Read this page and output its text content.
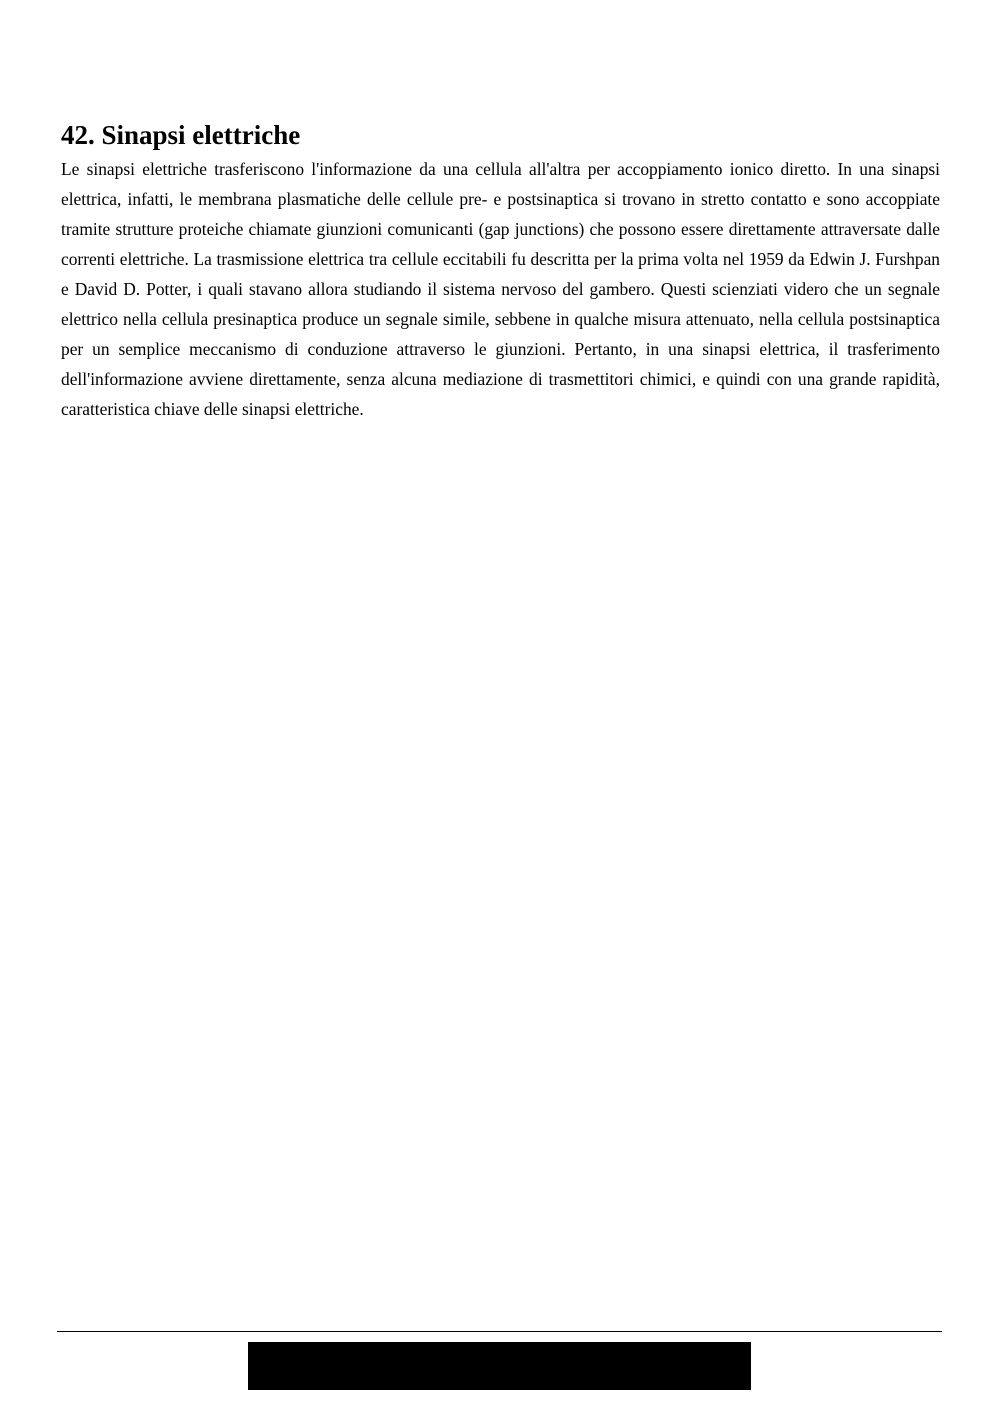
42. Sinapsi elettriche

Le sinapsi elettriche trasferiscono l'informazione da una cellula all'altra per accoppiamento ionico diretto. In una sinapsi elettrica, infatti, le membrana plasmatiche delle cellule pre- e postsinaptica si trovano in stretto contatto e sono accoppiate tramite strutture proteiche chiamate giunzioni comunicanti (gap junctions) che possono essere direttamente attraversate dalle correnti elettriche. La trasmissione elettrica tra cellule eccitabili fu descritta per la prima volta nel 1959 da Edwin J. Furshpan e David D. Potter, i quali stavano allora studiando il sistema nervoso del gambero. Questi scienziati videro che un segnale elettrico nella cellula presinaptica produce un segnale simile, sebbene in qualche misura attenuato, nella cellula postsinaptica per un semplice meccanismo di conduzione attraverso le giunzioni. Pertanto, in una sinapsi elettrica, il trasferimento dell'informazione avviene direttamente, senza alcuna mediazione di trasmettitori chimici, e quindi con una grande rapidità, caratteristica chiave delle sinapsi elettriche.
